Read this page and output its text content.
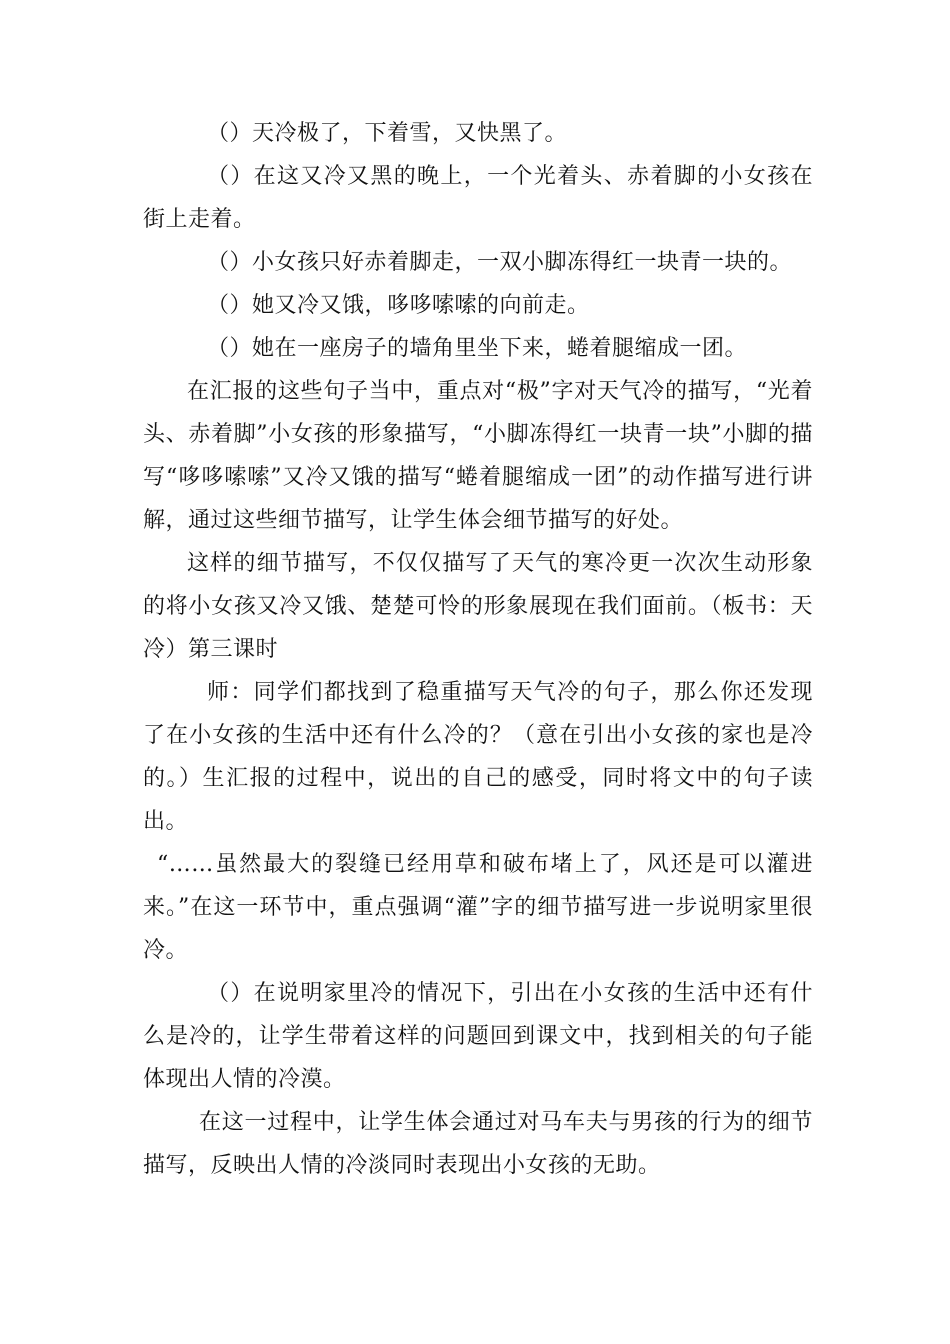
（）天冷极了，下着雪，又快黑了。

（）在这又冷又黑的晚上，一个光着头、赤着脚的小女孩在街上走着。

（）小女孩只好赤着脚走，一双小脚冻得红一块青一块的。

（）她又冷又饿，哆哆嗦嗦的向前走。

（）她在一座房子的墙角里坐下来，蜷着腿缩成一团。

在汇报的这些句子当中，重点对“极”字对天气冷的描写，“光着头、赤着脚”小女孩的形象描写，“小脚冻得红一块青一块”小脚的描写“哆哆嗦嗦”又冷又饿的描写“蜷着腿缩成一团”的动作描写进行讲解，通过这些细节描写，让学生体会细节描写的好处。

这样的细节描写，不仅仅描写了天气的寒冷更一次次生动形象的将小女孩又冷又饿、楚楚可怜的形象展现在我们面前。（板书：天冷）第三课时

师：同学们都找到了稳重描写天气冷的句子，那么你还发现了在小女孩的生活中还有什么冷的？（意在引出小女孩的家也是冷的。）生汇报的过程中，说出的自己的感受，同时将文中的句子读出。

“……虽然最大的裂缝已经用草和破布堵上了，风还是可以灌进来。”在这一环节中，重点强调“灌”字的细节描写进一步说明家里很冷。

（）在说明家里冷的情况下，引出在小女孩的生活中还有什么是冷的，让学生带着这样的问题回到课文中，找到相关的句子能体现出人情的冷漠。

在这一过程中，让学生体会通过对马车夫与男孩的行为的细节描写，反映出人情的冷淡同时表现出小女孩的无助。
